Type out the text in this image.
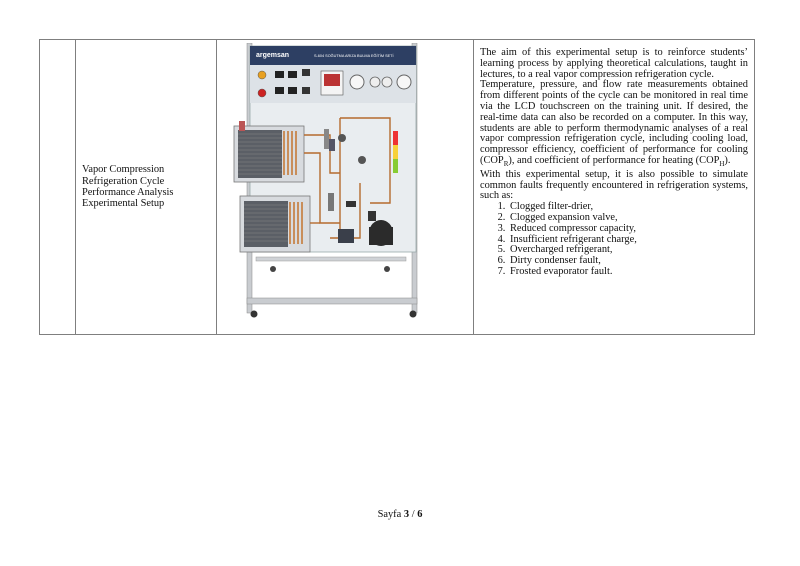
Vapor Compression
Refrigeration Cycle
Performance Analysis
Experimental Setup

argemsan	S-604 SOĞUTMA ARIZA BULMA EĞİTİM SETİ	The aim of this experimental setup is to reinforce students’ learning process by applying theoretical calculations, taught in lectures, to a real vapor compression refrigeration cycle.

Temperature, pressure, and flow rate measurements obtained from different points of the cycle can be monitored in real time via the LCD touchscreen on the training unit. If desired, the real-time data can also be recorded on a computer. In this way, students are able to perform thermodynamic analyses of a real vapor compression refrigeration cycle, including cooling load, compressor efficiency, coefficient of performance for cooling $(COP_R)$, and coefficient of performance for heating $(COP_H)$.

With this experimental setup, it is also possible to simulate common faults frequently encountered in refrigeration systems, such as:

1. Clogged filter-drier,
2. Clogged expansion valve,
3. Reduced compressor capacity,
4. Insufficient refrigerant charge,
5. Overcharged refrigerant,
6. Dirty condenser fault,
7. Frosted evaporator fault.
Sayfa 3 / 6
